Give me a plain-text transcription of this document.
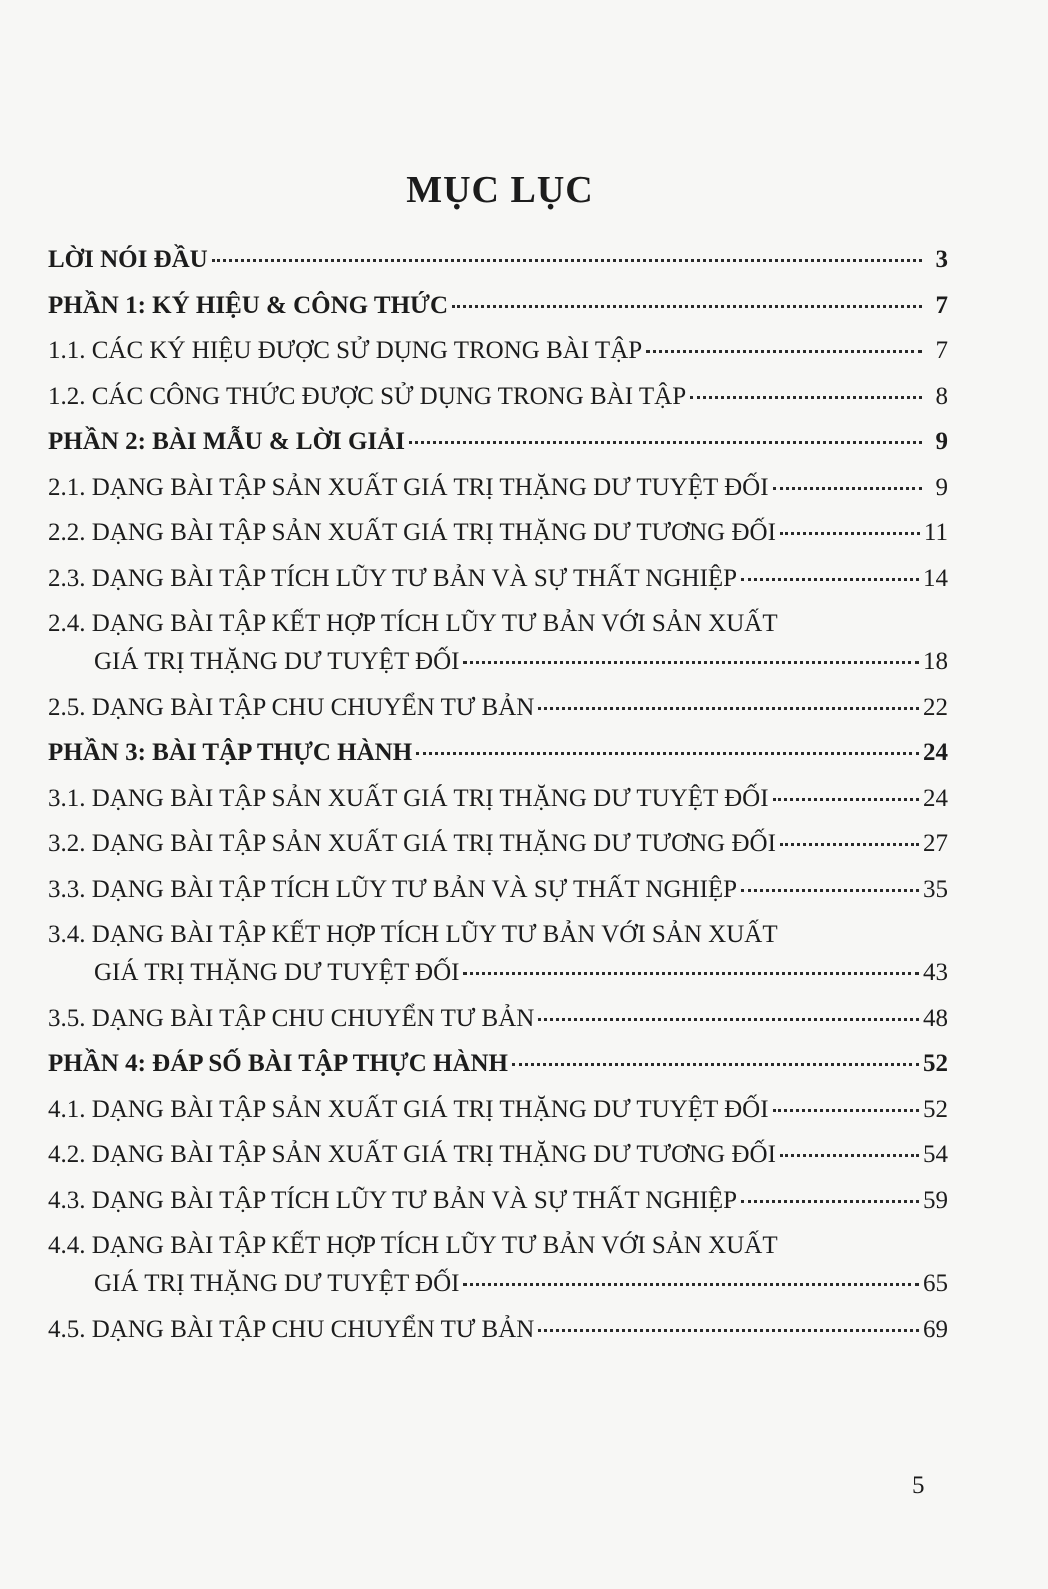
MỤC LỤC
LỜI NÓI ĐẦU	3
PHẦN 1: KÝ HIỆU & CÔNG THỨC	7
1.1. CÁC KÝ HIỆU ĐƯỢC SỬ DỤNG TRONG BÀI TẬP	7
1.2. CÁC CÔNG THỨC ĐƯỢC SỬ DỤNG TRONG BÀI TẬP	8
PHẦN 2: BÀI MẪU & LỜI GIẢI	9
2.1. DẠNG BÀI TẬP SẢN XUẤT GIÁ TRỊ THẶNG DƯ TUYỆT ĐỐI	9
2.2. DẠNG BÀI TẬP SẢN XUẤT GIÁ TRỊ THẶNG DƯ TƯƠNG ĐỐI	11
2.3. DẠNG BÀI TẬP TÍCH LŨY TƯ BẢN VÀ SỰ THẤT NGHIỆP	14
2.4. DẠNG BÀI TẬP KẾT HỢP TÍCH LŨY TƯ BẢN VỚI SẢN XUẤT
GIÁ TRỊ THẶNG DƯ TUYỆT ĐỐI	18
2.5. DẠNG BÀI TẬP CHU CHUYỂN TƯ BẢN	22
PHẦN 3: BÀI TẬP THỰC HÀNH	24
3.1. DẠNG BÀI TẬP SẢN XUẤT GIÁ TRỊ THẶNG DƯ TUYỆT ĐỐI	24
3.2. DẠNG BÀI TẬP SẢN XUẤT GIÁ TRỊ THẶNG DƯ TƯƠNG ĐỐI	27
3.3. DẠNG BÀI TẬP TÍCH LŨY TƯ BẢN VÀ SỰ THẤT NGHIỆP	35
3.4. DẠNG BÀI TẬP KẾT HỢP TÍCH LŨY TƯ BẢN VỚI SẢN XUẤT
GIÁ TRỊ THẶNG DƯ TUYỆT ĐỐI	43
3.5. DẠNG BÀI TẬP CHU CHUYỂN TƯ BẢN	48
PHẦN 4: ĐÁP SỐ BÀI TẬP THỰC HÀNH	52
4.1. DẠNG BÀI TẬP SẢN XUẤT GIÁ TRỊ THẶNG DƯ TUYỆT ĐỐI	52
4.2. DẠNG BÀI TẬP SẢN XUẤT GIÁ TRỊ THẶNG DƯ TƯƠNG ĐỐI	54
4.3. DẠNG BÀI TẬP TÍCH LŨY TƯ BẢN VÀ SỰ THẤT NGHIỆP	59
4.4. DẠNG BÀI TẬP KẾT HỢP TÍCH LŨY TƯ BẢN VỚI SẢN XUẤT
GIÁ TRỊ THẶNG DƯ TUYỆT ĐỐI	65
4.5. DẠNG BÀI TẬP CHU CHUYỂN TƯ BẢN	69
5
